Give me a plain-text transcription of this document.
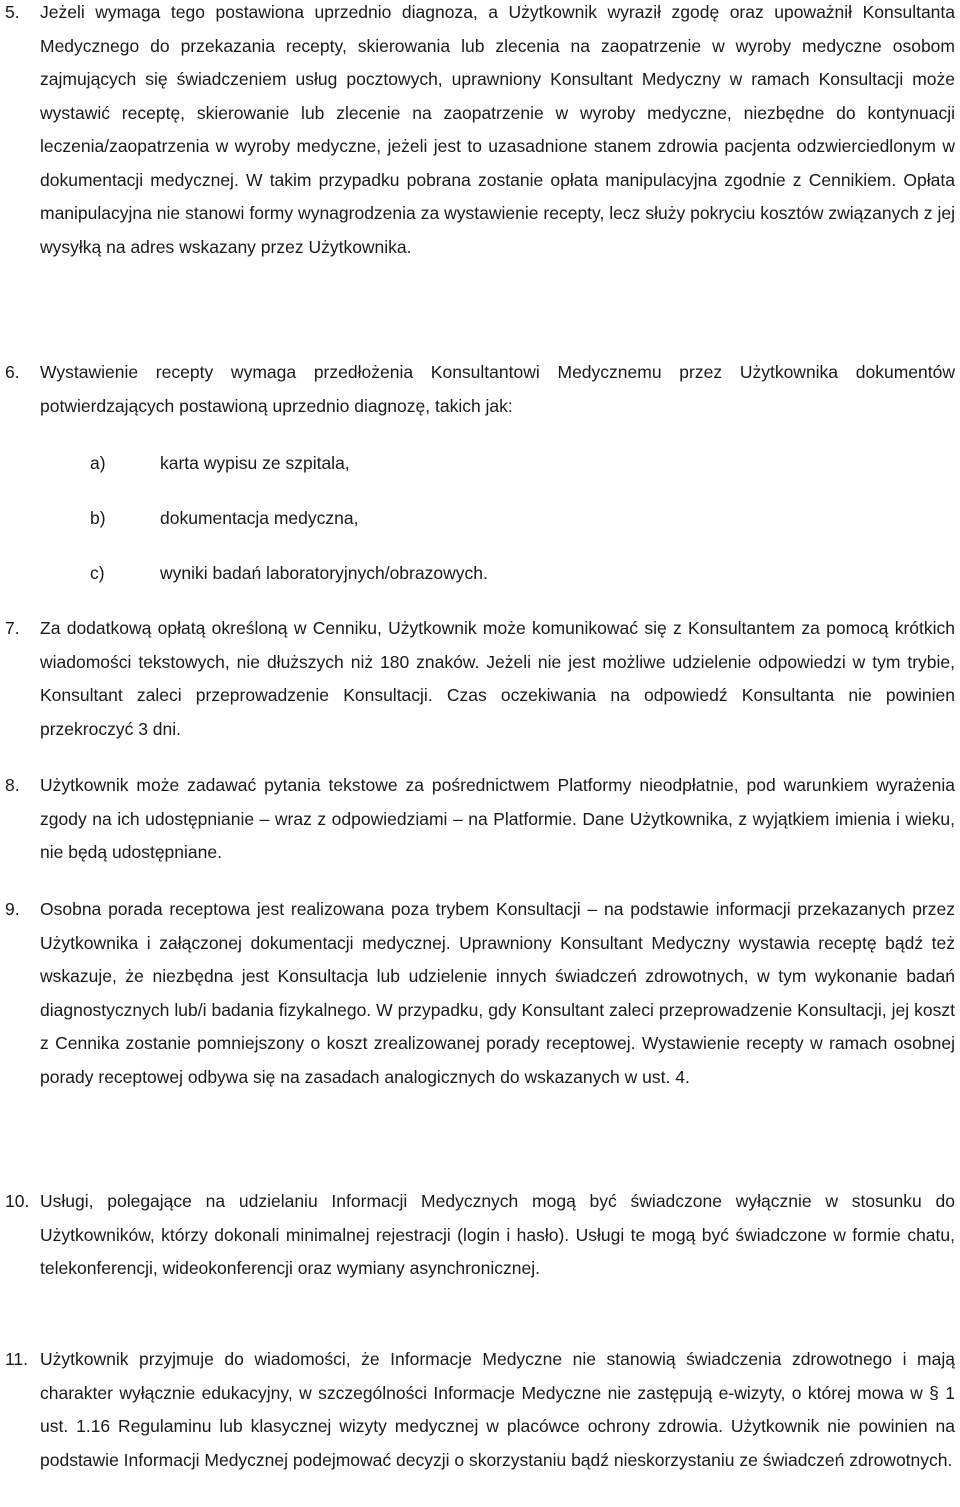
5. Jeżeli wymaga tego postawiona uprzednio diagnoza, a Użytkownik wyraził zgodę oraz upoważnił Konsultanta Medycznego do przekazania recepty, skierowania lub zlecenia na zaopatrzenie w wyroby medyczne osobom zajmujących się świadczeniem usług pocztowych, uprawniony Konsultant Medyczny w ramach Konsultacji może wystawić receptę, skierowanie lub zlecenie na zaopatrzenie w wyroby medyczne, niezbędne do kontynuacji leczenia/zaopatrzenia w wyroby medyczne, jeżeli jest to uzasadnione stanem zdrowia pacjenta odzwierciedlonym w dokumentacji medycznej. W takim przypadku pobrana zostanie opłata manipulacyjna zgodnie z Cennikiem. Opłata manipulacyjna nie stanowi formy wynagrodzenia za wystawienie recepty, lecz służy pokryciu kosztów związanych z jej wysyłką na adres wskazany przez Użytkownika.
6. Wystawienie recepty wymaga przedłożenia Konsultantowi Medycznemu przez Użytkownika dokumentów potwierdzających postawioną uprzednio diagnozę, takich jak:
a)	karta wypisu ze szpitala,
b)	dokumentacja medyczna,
c)	wyniki badań laboratoryjnych/obrazowych.
7. Za dodatkową opłatą określoną w Cenniku, Użytkownik może komunikować się z Konsultantem za pomocą krótkich wiadomości tekstowych, nie dłuższych niż 180 znaków. Jeżeli nie jest możliwe udzielenie odpowiedzi w tym trybie, Konsultant zaleci przeprowadzenie Konsultacji. Czas oczekiwania na odpowiedź Konsultanta nie powinien przekroczyć 3 dni.
8. Użytkownik może zadawać pytania tekstowe za pośrednictwem Platformy nieodpłatnie, pod warunkiem wyrażenia zgody na ich udostępnianie – wraz z odpowiedziami – na Platformie. Dane Użytkownika, z wyjątkiem imienia i wieku, nie będą udostępniane.
9. Osobna porada receptowa jest realizowana poza trybem Konsultacji – na podstawie informacji przekazanych przez Użytkownika i załączonej dokumentacji medycznej. Uprawniony Konsultant Medyczny wystawia receptę bądź też wskazuje, że niezbędna jest Konsultacja lub udzielenie innych świadczeń zdrowotnych, w tym wykonanie badań diagnostycznych lub/i badania fizykalnego. W przypadku, gdy Konsultant zaleci przeprowadzenie Konsultacji, jej koszt z Cennika zostanie pomniejszony o koszt zrealizowanej porady receptowej. Wystawienie recepty w ramach osobnej porady receptowej odbywa się na zasadach analogicznych do wskazanych w ust. 4.
10. Usługi, polegające na udzielaniu Informacji Medycznych mogą być świadczone wyłącznie w stosunku do Użytkowników, którzy dokonali minimalnej rejestracji (login i hasło). Usługi te mogą być świadczone w formie chatu, telekonferencji, wideokonferencji oraz wymiany asynchronicznej.
11. Użytkownik przyjmuje do wiadomości, że Informacje Medyczne nie stanowią świadczenia zdrowotnego i mają charakter wyłącznie edukacyjny, w szczególności Informacje Medyczne nie zastępują e-wizyty, o której mowa w § 1 ust. 1.16 Regulaminu lub klasycznej wizyty medycznej w placówce ochrony zdrowia. Użytkownik nie powinien na podstawie Informacji Medycznej podejmować decyzji o skorzystaniu bądź nieskorzystaniu ze świadczeń zdrowotnych.
